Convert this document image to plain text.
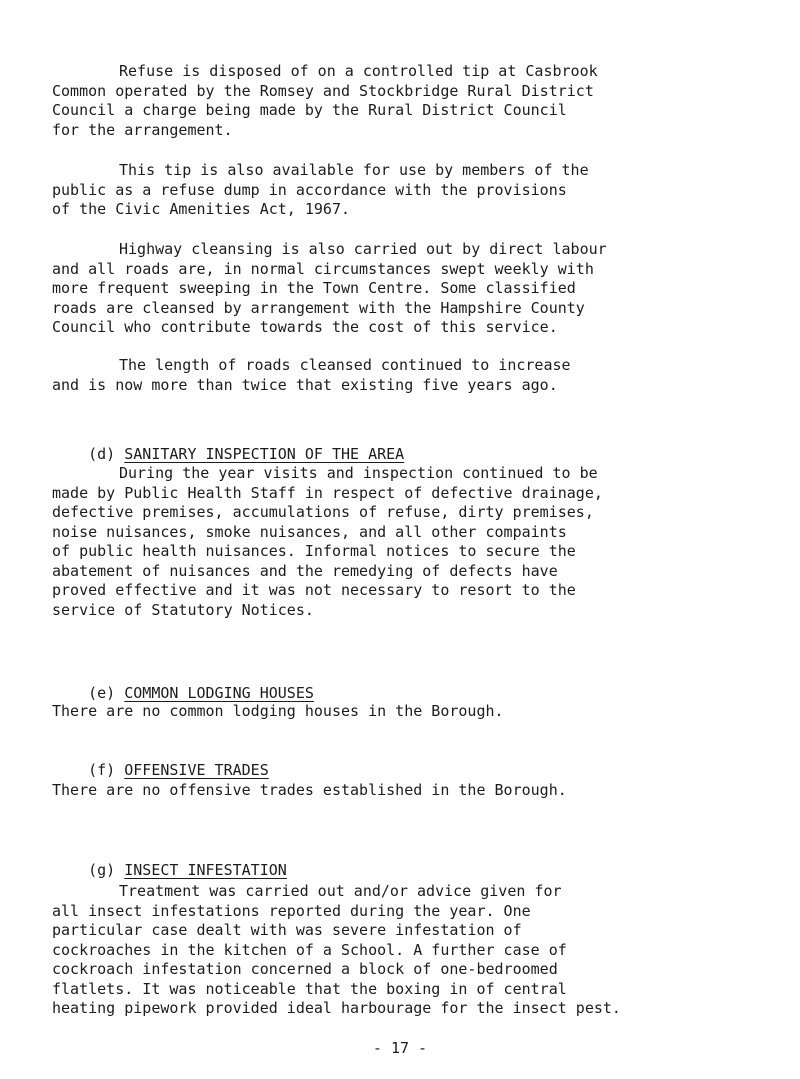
Refuse is disposed of on a controlled tip at Casbrook
Common operated by the Romsey and Stockbridge Rural District
Council a charge being made by the Rural District Council
for the arrangement.

This tip is also available for use by members of the
public as a refuse dump in accordance with the provisions
of the Civic Amenities Act, 1967.

Highway cleansing is also carried out by direct labour
and all roads are, in normal circumstances swept weekly with
more frequent sweeping in the Town Centre. Some classified
roads are cleansed by arrangement with the Hampshire County
Council who contribute towards the cost of this service.

The length of roads cleansed continued to increase
and is now more than twice that existing five years ago.

(d) SANITARY INSPECTION OF THE AREA

During the year visits and inspection continued to be
made by Public Health Staff in respect of defective drainage,
defective premises, accumulations of refuse, dirty premises,
noise nuisances, smoke nuisances, and all other compaints
of public health nuisances. Informal notices to secure the
abatement of nuisances and the remedying of defects have
proved effective and it was not necessary to resort to the
service of Statutory Notices.

(e) COMMON LODGING HOUSES

There are no common lodging houses in the Borough.

(f) OFFENSIVE TRADES

There are no offensive trades established in the Borough.

(g) INSECT INFESTATION

Treatment was carried out and/or advice given for
all insect infestations reported during the year. One
particular case dealt with was severe infestation of
cockroaches in the kitchen of a School. A further case of
cockroach infestation concerned a block of one-bedroomed
flatlets. It was noticeable that the boxing in of central
heating pipework provided ideal harbourage for the insect pest.

- 17 -
